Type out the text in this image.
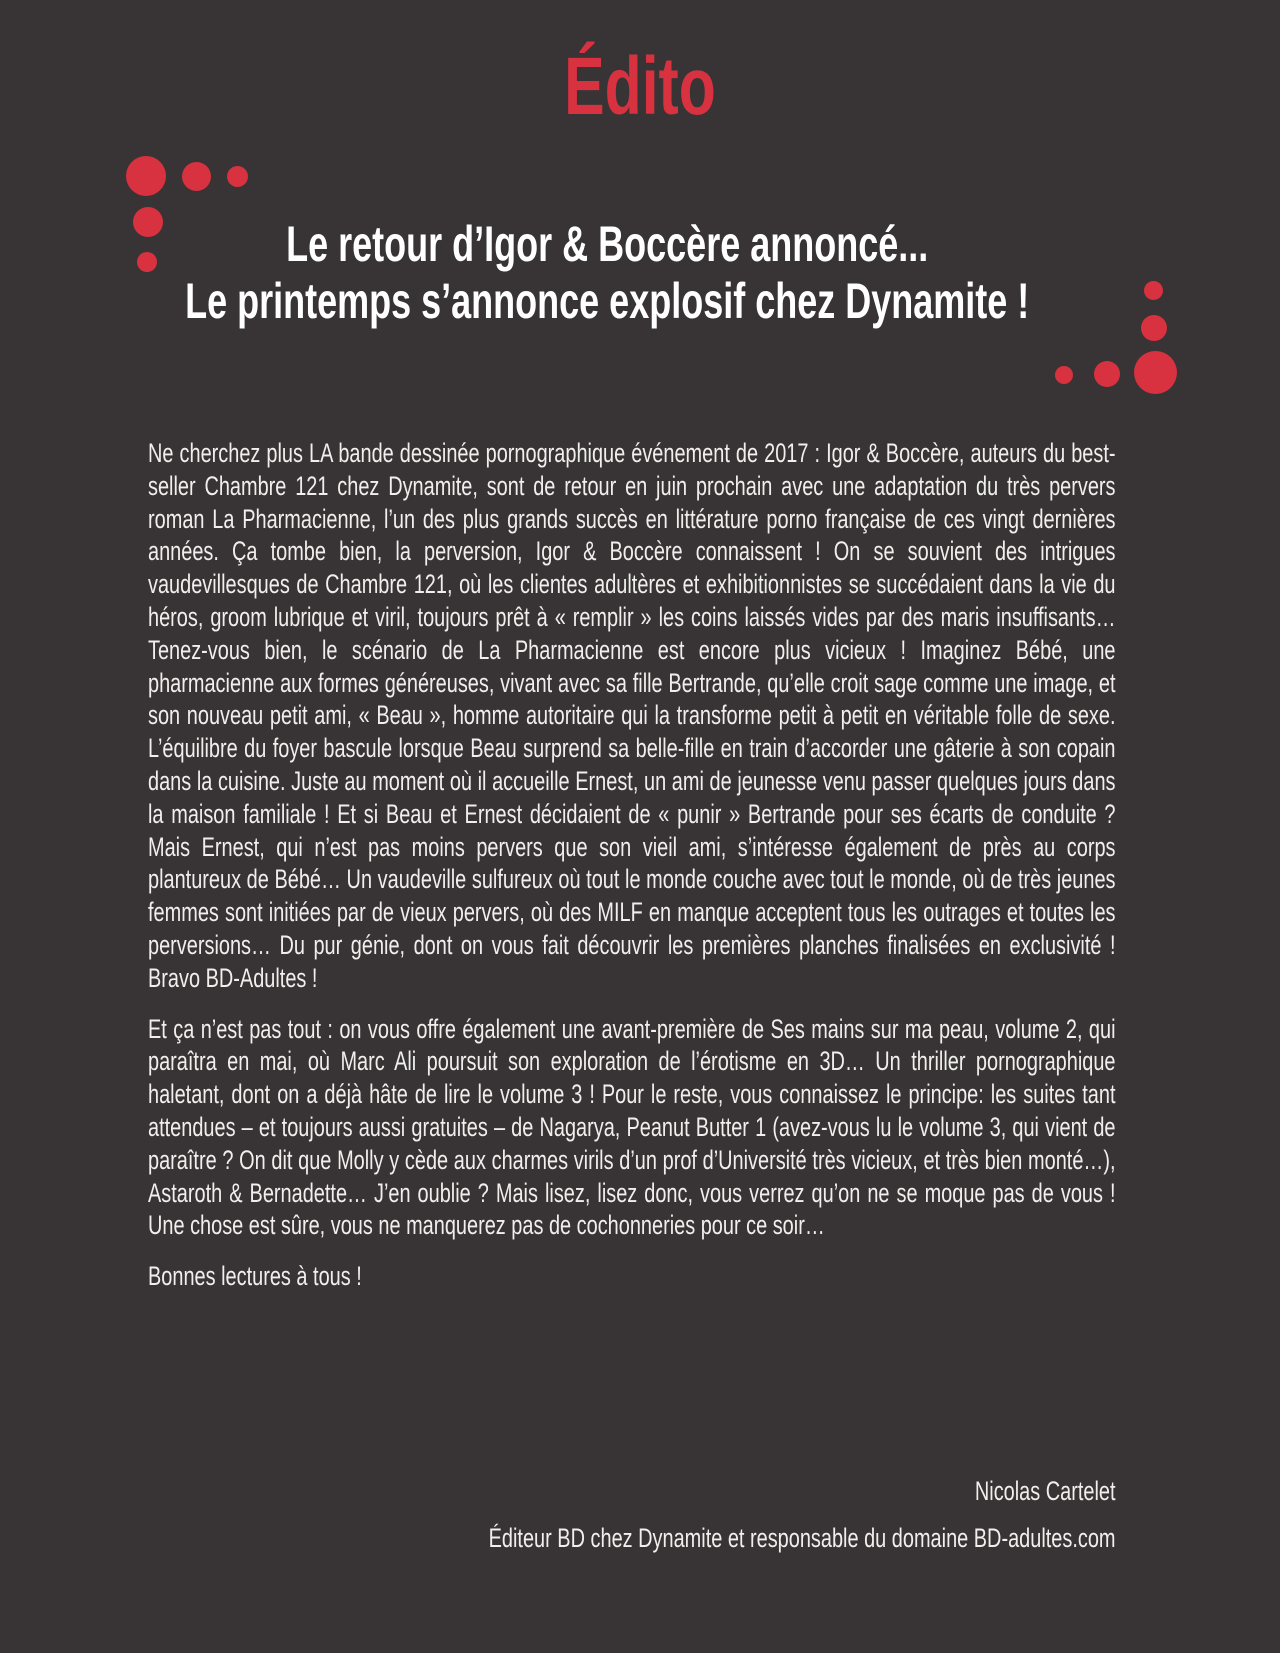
Édito
Le retour d’Igor & Boccère annoncé...
Le printemps s’annonce explosif chez Dynamite !

Ne cherchez plus LA bande dessinée pornographique événement de 2017 : Igor & Boccère, auteurs du best-seller Chambre 121 chez Dynamite, sont de retour en juin prochain avec une adaptation du très pervers roman La Pharmacienne, l’un des plus grands succès en littérature porno française de ces vingt dernières années. Ça tombe bien, la perversion, Igor & Boccère connaissent ! On se souvient des intrigues vaudevillesques de Chambre 121, où les clientes adultères et exhibitionnistes se succédaient dans la vie du héros, groom lubrique et viril, toujours prêt à « remplir » les coins laissés vides par des maris insuffisants… Tenez-vous bien, le scénario de La Pharmacienne est encore plus vicieux ! Imaginez Bébé, une pharmacienne aux formes généreuses, vivant avec sa fille Bertrande, qu’elle croit sage comme une image, et son nouveau petit ami, « Beau », homme autoritaire qui la transforme petit à petit en véritable folle de sexe. L’équilibre du foyer bascule lorsque Beau surprend sa belle-fille en train d’accorder une gâterie à son copain dans la cuisine. Juste au moment où il accueille Ernest, un ami de jeunesse venu passer quelques jours dans la maison familiale ! Et si Beau et Ernest décidaient de « punir » Bertrande pour ses écarts de conduite ? Mais Ernest, qui n’est pas moins pervers que son vieil ami, s’intéresse également de près au corps plantureux de Bébé… Un vaudeville sulfureux où tout le monde couche avec tout le monde, où de très jeunes femmes sont initiées par de vieux pervers, où des MILF en manque acceptent tous les outrages et toutes les perversions… Du pur génie, dont on vous fait découvrir les premières planches finalisées en exclusivité ! Bravo BD-Adultes !

Et ça n’est pas tout : on vous offre également une avant-première de Ses mains sur ma peau, volume 2, qui paraîtra en mai, où Marc Ali poursuit son exploration de l’érotisme en 3D… Un thriller pornographique haletant, dont on a déjà hâte de lire le volume 3 ! Pour le reste, vous connaissez le principe: les suites tant attendues – et toujours aussi gratuites – de Nagarya, Peanut Butter 1 (avez-vous lu le volume 3, qui vient de paraître ? On dit que Molly y cède aux charmes virils d’un prof d’Université très vicieux, et très bien monté…), Astaroth & Bernadette… J’en oublie ? Mais lisez, lisez donc, vous verrez qu’on ne se moque pas de vous ! Une chose est sûre, vous ne manquerez pas de cochonneries pour ce soir…

Bonnes lectures à tous !

Nicolas Cartelet
Éditeur BD chez Dynamite et responsable du domaine BD-adultes.com
